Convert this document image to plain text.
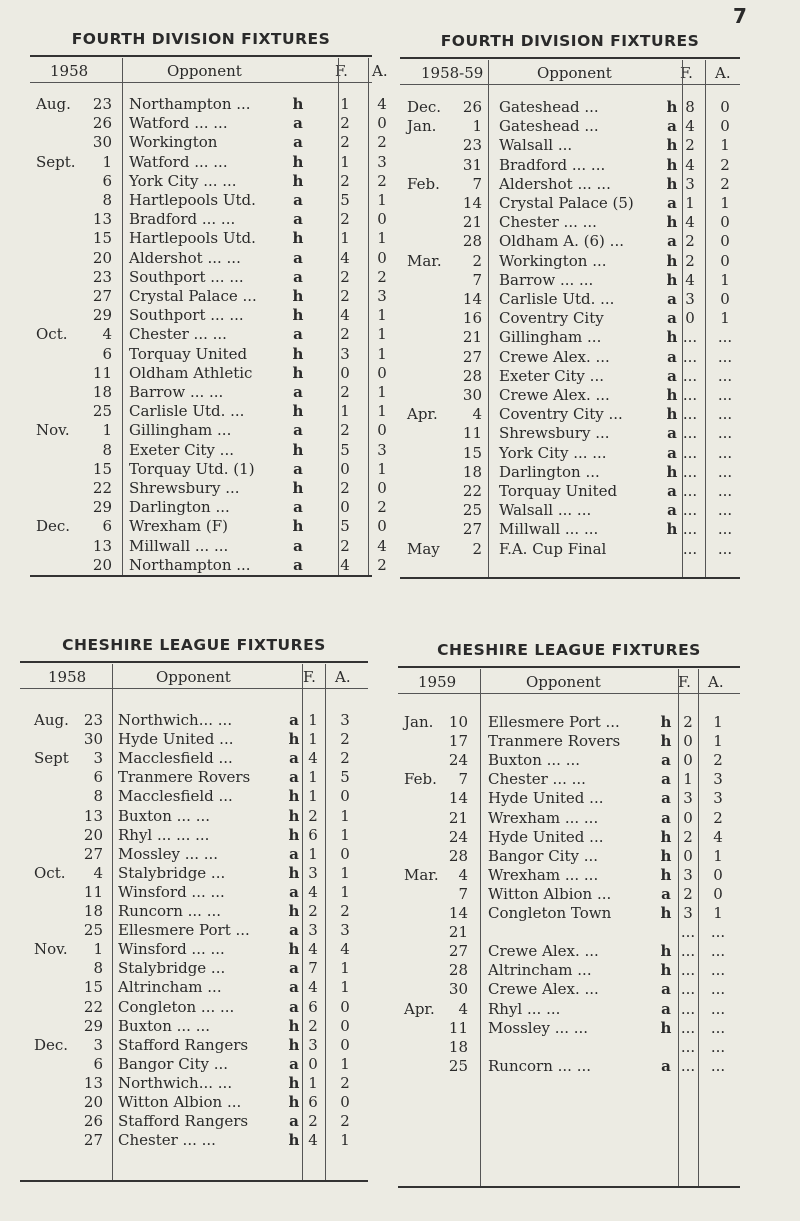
7
FOURTH DIVISION FIXTURES
1958	Opponent	F. A.
Aug.	23 Northampton ...	h	1	4
26 Watford ... ...	a	2	0
30 Workington	a	2	2
Sept.	1 Watford ... ...	h	1	3
6 York City ... ...	h	2	2
8 Hartlepools Utd. a	5	1
13 Bradford ... ...	a	2	0
15 Hartlepools Utd. h	1	1
20 Aldershot ... ...	a	4	0
23 Southport ... ...	a	2	2
27 Crystal Palace ... h	2	3
29 Southport ... ...	h	4	1
Oct.	4 Chester ... ...	a	2	1
6 Torquay United	h	3	1
11 Oldham Athletic	h	0	0
18 Barrow ... ...	a	2	1
25 Carlisle Utd. ...	h	1	1
Nov.	1 Gillingham ...	a	2	0
8 Exeter City ...	h	5	3
15 Torquay Utd. (1)	a	0	1
22 Shrewsbury ...	h	2	0
29 Darlington ...	a	0	2
Dec.	6 Wrexham (F)	h	5	0
13 Millwall ... ...	a	2	4
20 Northampton ...	a	4	2
FOURTH DIVISION FIXTURES
1958-59	Opponent	F. A.
Dec.	26 Gateshead ...	h 8	0
Jan.	1 Gateshead ...	a 4	0
23 Walsall ...	h 2	1
31 Bradford ... ...	h 4	2
Feb.	7 Aldershot ... ...	h 3	2
14 Crystal Palace (5) a 1	1
21 Chester ... ...	h 4	0
28 Oldham A. (6) ...	a 2	0
Mar.	2 Workington ...	h 2	0
7 Barrow ... ...	h 4	1
14 Carlisle Utd. ...	a 3	0
16 Coventry City	a 0	1
21 Gillingham ...	h ...	...
27 Crewe Alex. ...	a ...	...
28 Exeter City ...	a ...	...
30 Crewe Alex. ...	h ...	...
Apr.	4 Coventry City ...	h ...	...
11 Shrewsbury ...	a ...	...
15 York City ... ...	a ...	...
18 Darlington ...	h ...	...
22 Torquay United	a ...	...
25 Walsall ... ...	a ...	...
27 Millwall ... ...	h ...	...
May	2 F.A. Cup Final	...	...
CHESHIRE LEAGUE FIXTURES
1958	Opponent	F. A.
Aug.	23 Northwich... ...	a 1	3
30 Hyde United ...	h 1	2
Sept	3 Macclesfield ...	a 4	2
6 Tranmere Rovers	a 1	5
8 Macclesfield ...	h 1	0
13 Buxton ... ...	h 2	1
20 Rhyl ... ... ...	h 6	1
27 Mossley ... ...	a 1	0
Oct.	4 Stalybridge ...	h 3	1
11 Winsford ... ...	a 4	1
18 Runcorn ... ...	h 2	2
25 Ellesmere Port ...	a 3	3
Nov.	1 Winsford ... ...	h 4	4
8 Stalybridge ...	a 7	1
15 Altrincham ...	a 4	1
22 Congleton ... ...	a 6	0
29 Buxton ... ...	h 2	0
Dec.	3 Stafford Rangers	h 3	0
6 Bangor City ...	a 0	1
13 Northwich... ...	h 1	2
20 Witton Albion ...	h 6	0
26 Stafford Rangers	a 2	2
27 Chester ... ...	h 4	1
CHESHIRE LEAGUE FIXTURES
1959	Opponent	F. A.
Jan.	10 Ellesmere Port ...	h 2	1
17 Tranmere Rovers	h 0	1
24 Buxton ... ...	a 0	2
Feb.	7 Chester ... ...	a 1	3
14 Hyde United ...	a 3	3
21 Wrexham ... ...	a 0	2
24 Hyde United ...	h 2	4
28 Bangor City ...	h 0	1
Mar.	4 Wrexham ... ...	h 3	0
7 Witton Albion ...	a 2	0
14 Congleton Town	h 3	1
21	...	...
27 Crewe Alex. ...	h ...	...
28 Altrincham ...	h ...	...
30 Crewe Alex. ...	a ...	...
Apr.	4 Rhyl ... ...	a ...	...
11 Mossley ... ...	h ...	...
18	...	...
25 Runcorn ... ...	a ...	...
